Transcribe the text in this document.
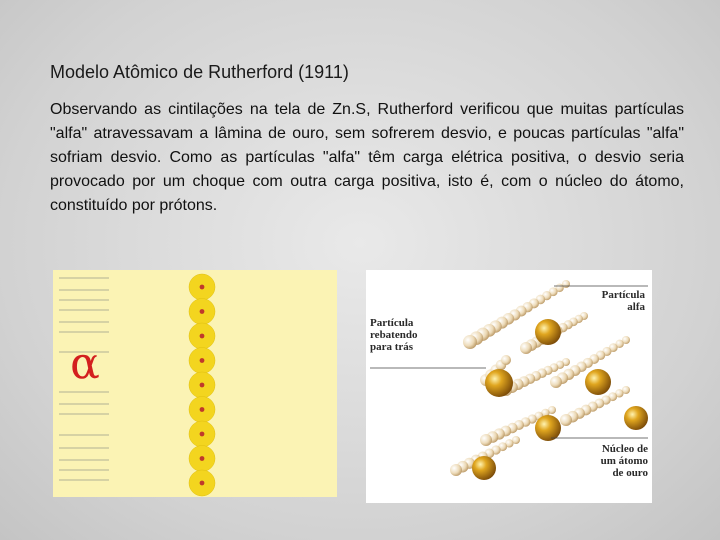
Modelo Atômico de Rutherford (1911)

Observando as cintilações na tela de Zn.S, Rutherford verificou que muitas partículas "alfa" atravessavam a lâmina de ouro, sem sofrerem desvio, e poucas partículas "alfa" sofriam desvio. Como as partículas "alfa" têm carga elétrica positiva, o desvio seria provocado por um choque com outra carga positiva, isto é, com o núcleo do átomo, constituído por prótons.

α
Partícula
alfa
Partícula
rebatendo
para trás
Núcleo de
um átomo
de ouro
